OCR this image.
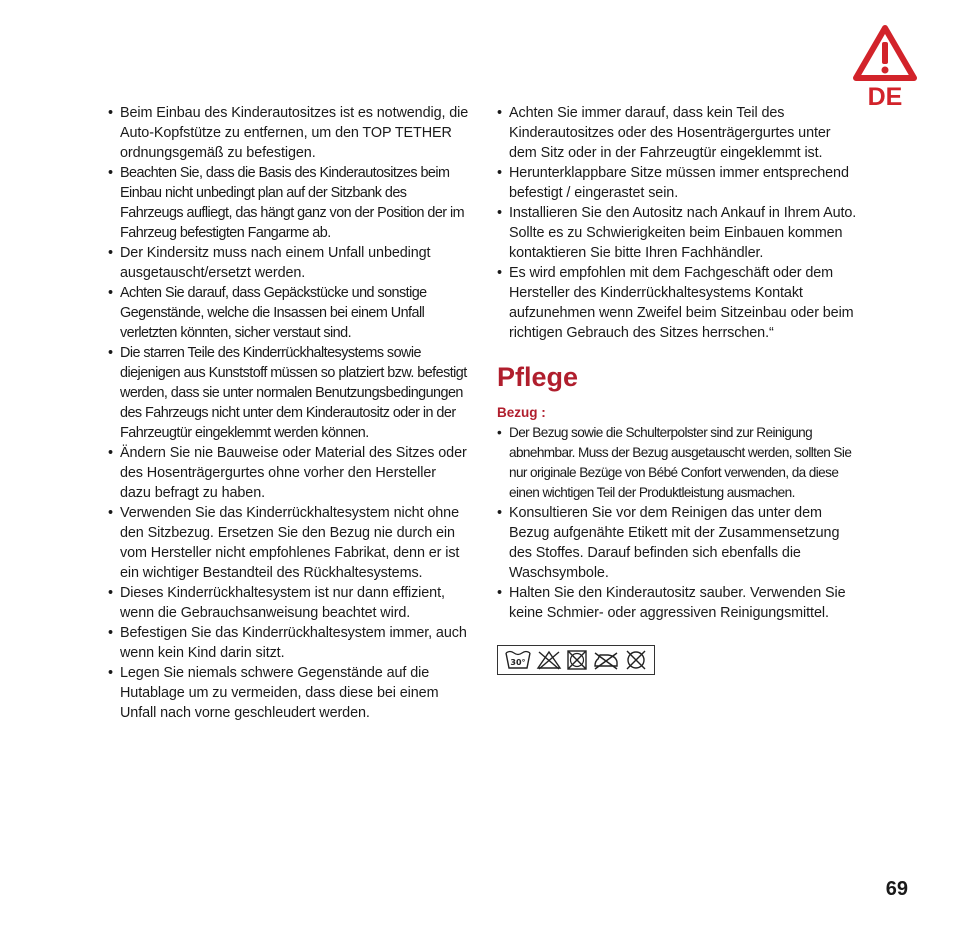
DE
• Beim Einbau des Kinderautositzes ist es notwendig, die Auto-Kopfstütze zu entfernen, um den TOP TETHER ordnungsgemäß zu befestigen.
• Beachten Sie, dass die Basis des Kinderautositzes beim Einbau nicht unbedingt plan auf der Sitzbank des Fahrzeugs aufliegt, das hängt ganz von der Position der im Fahrzeug befestigten Fangarme ab.
• Der Kindersitz muss nach einem Unfall unbedingt ausgetauscht/ersetzt werden.
• Achten Sie darauf, dass Gepäckstücke und sonstige Gegenstände, welche die Insassen bei einem Unfall verletzten könnten, sicher verstaut sind.
• Die starren Teile des Kinderrückhaltesystems sowie diejenigen aus Kunststoff müssen so platziert bzw. befestigt werden, dass sie unter normalen Benutzungsbedingungen des Fahrzeugs nicht unter dem Kinderautositz oder in der Fahrzeugtür eingeklemmt werden können.
• Ändern Sie nie Bauweise oder Material des Sitzes oder des Hosenträgergurtes ohne vorher den Hersteller dazu befragt zu haben.
• Verwenden Sie das Kinderrückhaltesystem nicht ohne den Sitzbezug. Ersetzen Sie den Bezug nie durch ein vom Hersteller nicht empfohlenes Fabrikat, denn er ist ein wichtiger Bestandteil des Rückhaltesystems.
• Dieses Kinderrückhaltesystem ist nur dann effizient, wenn die Gebrauchsanweisung beachtet wird.
• Befestigen Sie das Kinderrückhaltesystem immer, auch wenn kein Kind darin sitzt.
• Legen Sie niemals schwere Gegenstände auf die Hutablage um zu vermeiden, dass diese bei einem Unfall nach vorne geschleudert werden.
• Achten Sie immer darauf, dass kein Teil des Kinderautositzes oder des Hosenträgergurtes unter dem Sitz oder in der Fahrzeugtür eingeklemmt ist.
• Herunterklappbare Sitze müssen immer entsprechend befestigt / eingerastet sein.
• Installieren Sie den Autositz nach Ankauf in Ihrem Auto. Sollte es zu Schwierigkeiten beim Einbauen kommen kontaktieren Sie bitte Ihren Fachhändler.
• Es wird empfohlen mit dem Fachgeschäft oder dem Hersteller des Kinderrückhaltesystems Kontakt aufzunehmen wenn Zweifel beim Sitzeinbau oder beim richtigen Gebrauch des Sitzes herrschen.“
Pflege
Bezug :
• Der Bezug sowie die Schulterpolster sind zur Reinigung abnehmbar. Muss der Bezug ausgetauscht werden, sollten Sie nur originale Bezüge von Bébé Confort verwenden, da diese einen wichtigen Teil der Produktleistung ausmachen.
• Konsultieren Sie vor dem Reinigen das unter dem Bezug aufgenähte Etikett mit der Zusammensetzung des Stoffes. Darauf befinden sich ebenfalls die Waschsymbole.
• Halten Sie den Kinderautositz sauber. Verwenden Sie keine Schmier- oder aggressiven Reinigungsmittel.
30°
69
